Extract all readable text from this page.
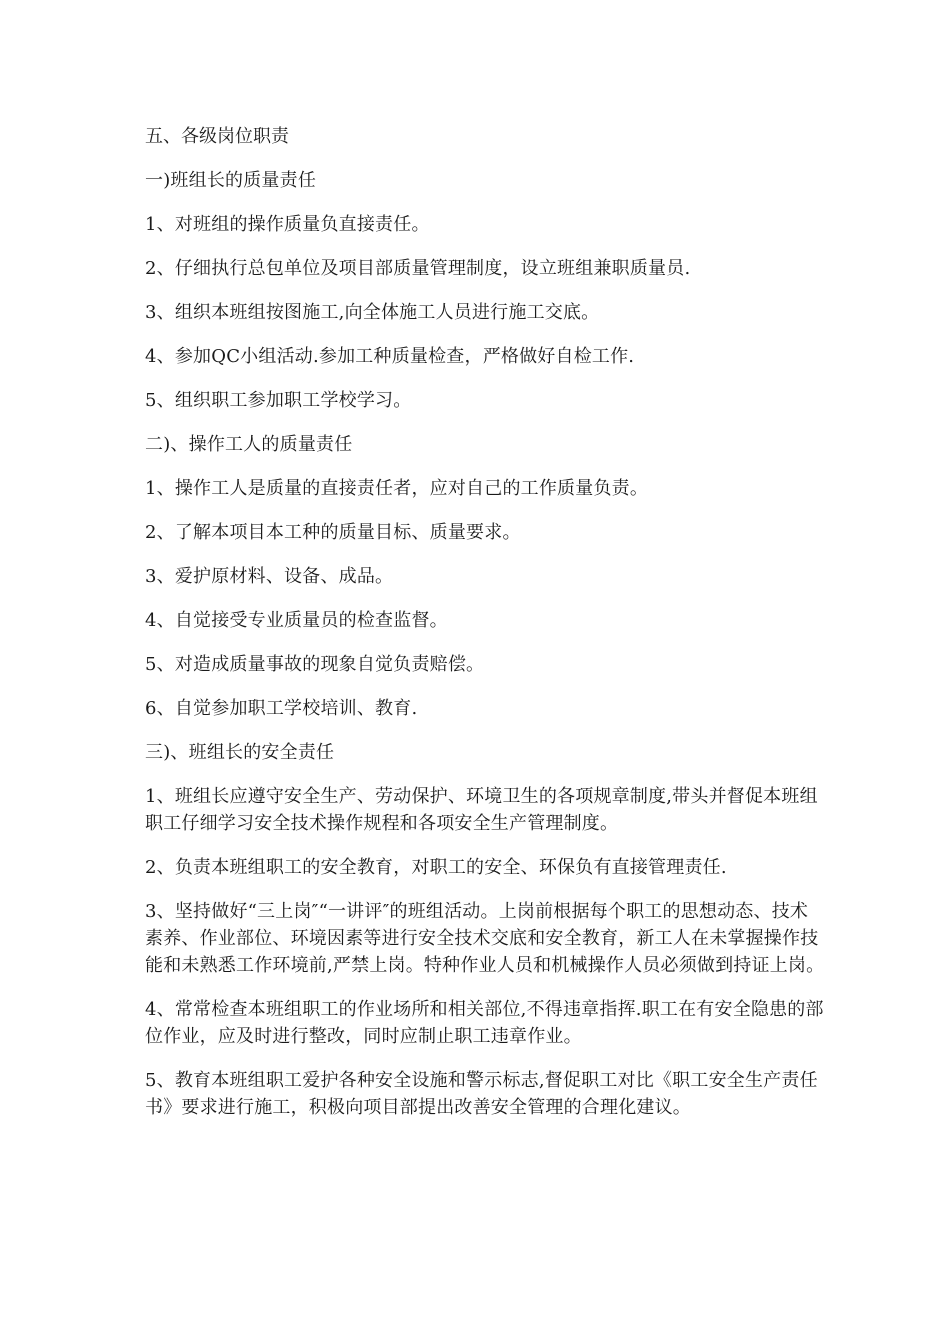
五、各级岗位职责

一)班组长的质量责任

1、对班组的操作质量负直接责任。

2、仔细执行总包单位及项目部质量管理制度，设立班组兼职质量员.

3、组织本班组按图施工,向全体施工人员进行施工交底。

4、参加QC小组活动.参加工种质量检查，严格做好自检工作.

5、组织职工参加职工学校学习。

二)、操作工人的质量责任

1、操作工人是质量的直接责任者，应对自己的工作质量负责。

2、了解本项目本工种的质量目标、质量要求。

3、爱护原材料、设备、成品。

4、自觉接受专业质量员的检查监督。

5、对造成质量事故的现象自觉负责赔偿。

6、自觉参加职工学校培训、教育.

三)、班组长的安全责任

1、班组长应遵守安全生产、劳动保护、环境卫生的各项规章制度,带头并督促本班组职工仔细学习安全技术操作规程和各项安全生产管理制度。

2、负责本班组职工的安全教育，对职工的安全、环保负有直接管理责任.

3、坚持做好“三上岗″“一讲评″的班组活动。上岗前根据每个职工的思想动态、技术素养、作业部位、环境因素等进行安全技术交底和安全教育，新工人在未掌握操作技能和未熟悉工作环境前,严禁上岗。特种作业人员和机械操作人员必须做到持证上岗。

4、常常检查本班组职工的作业场所和相关部位,不得违章指挥.职工在有安全隐患的部位作业，应及时进行整改，同时应制止职工违章作业。

5、教育本班组职工爱护各种安全设施和警示标志,督促职工对比《职工安全生产责任书》要求进行施工，积极向项目部提出改善安全管理的合理化建议。
